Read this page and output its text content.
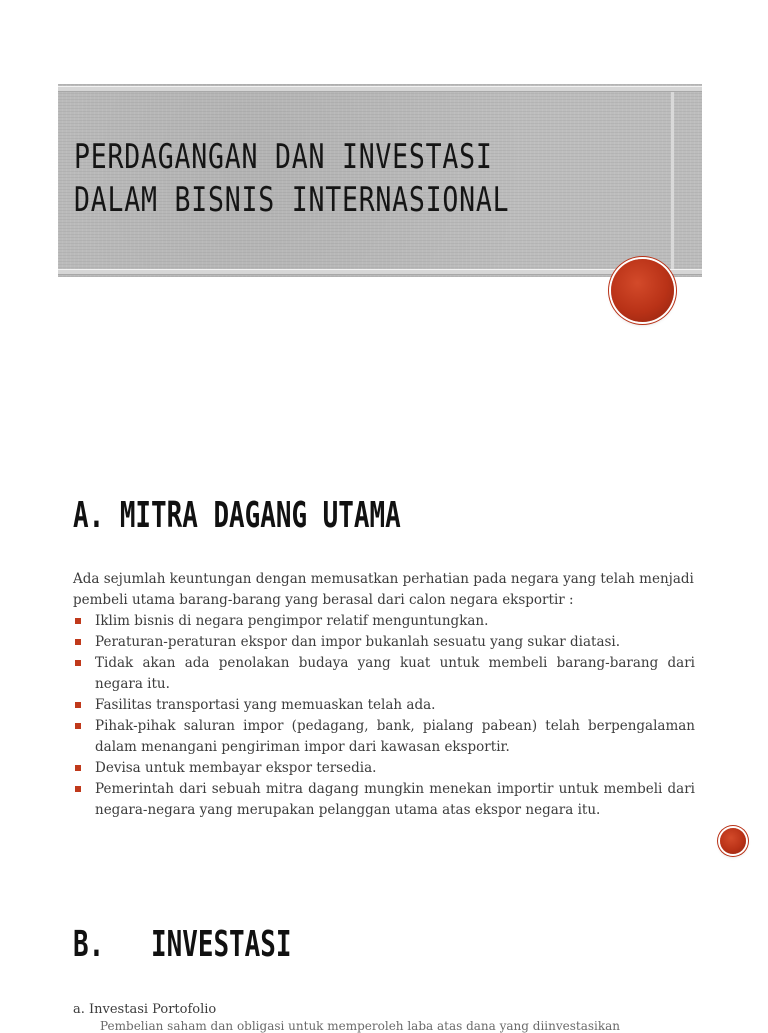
PERDAGANGAN DAN INVESTASI
DALAM BISNIS INTERNASIONAL
A. MITRA DAGANG UTAMA

Ada sejumlah keuntungan dengan memusatkan perhatian pada negara yang telah menjadi pembeli utama barang-barang yang berasal dari calon negara eksportir :

Iklim bisnis di negara pengimpor relatif menguntungkan.
Peraturan-peraturan ekspor dan impor bukanlah sesuatu yang sukar diatasi.
Tidak akan ada penolakan budaya yang kuat untuk membeli barang-barang dari negara itu.
Fasilitas transportasi yang memuaskan telah ada.
Pihak-pihak saluran impor (pedagang, bank, pialang pabean) telah berpengalaman dalam menangani pengiriman impor dari kawasan eksportir.
Devisa untuk membayar ekspor tersedia.
Pemerintah dari sebuah mitra dagang mungkin menekan importir untuk membeli dari negara-negara yang merupakan pelanggan utama atas ekspor negara itu.
B.   INVESTASI

a. Investasi Portofolio

Pembelian saham dan obligasi untuk memperoleh laba atas dana yang diinvestasikan
